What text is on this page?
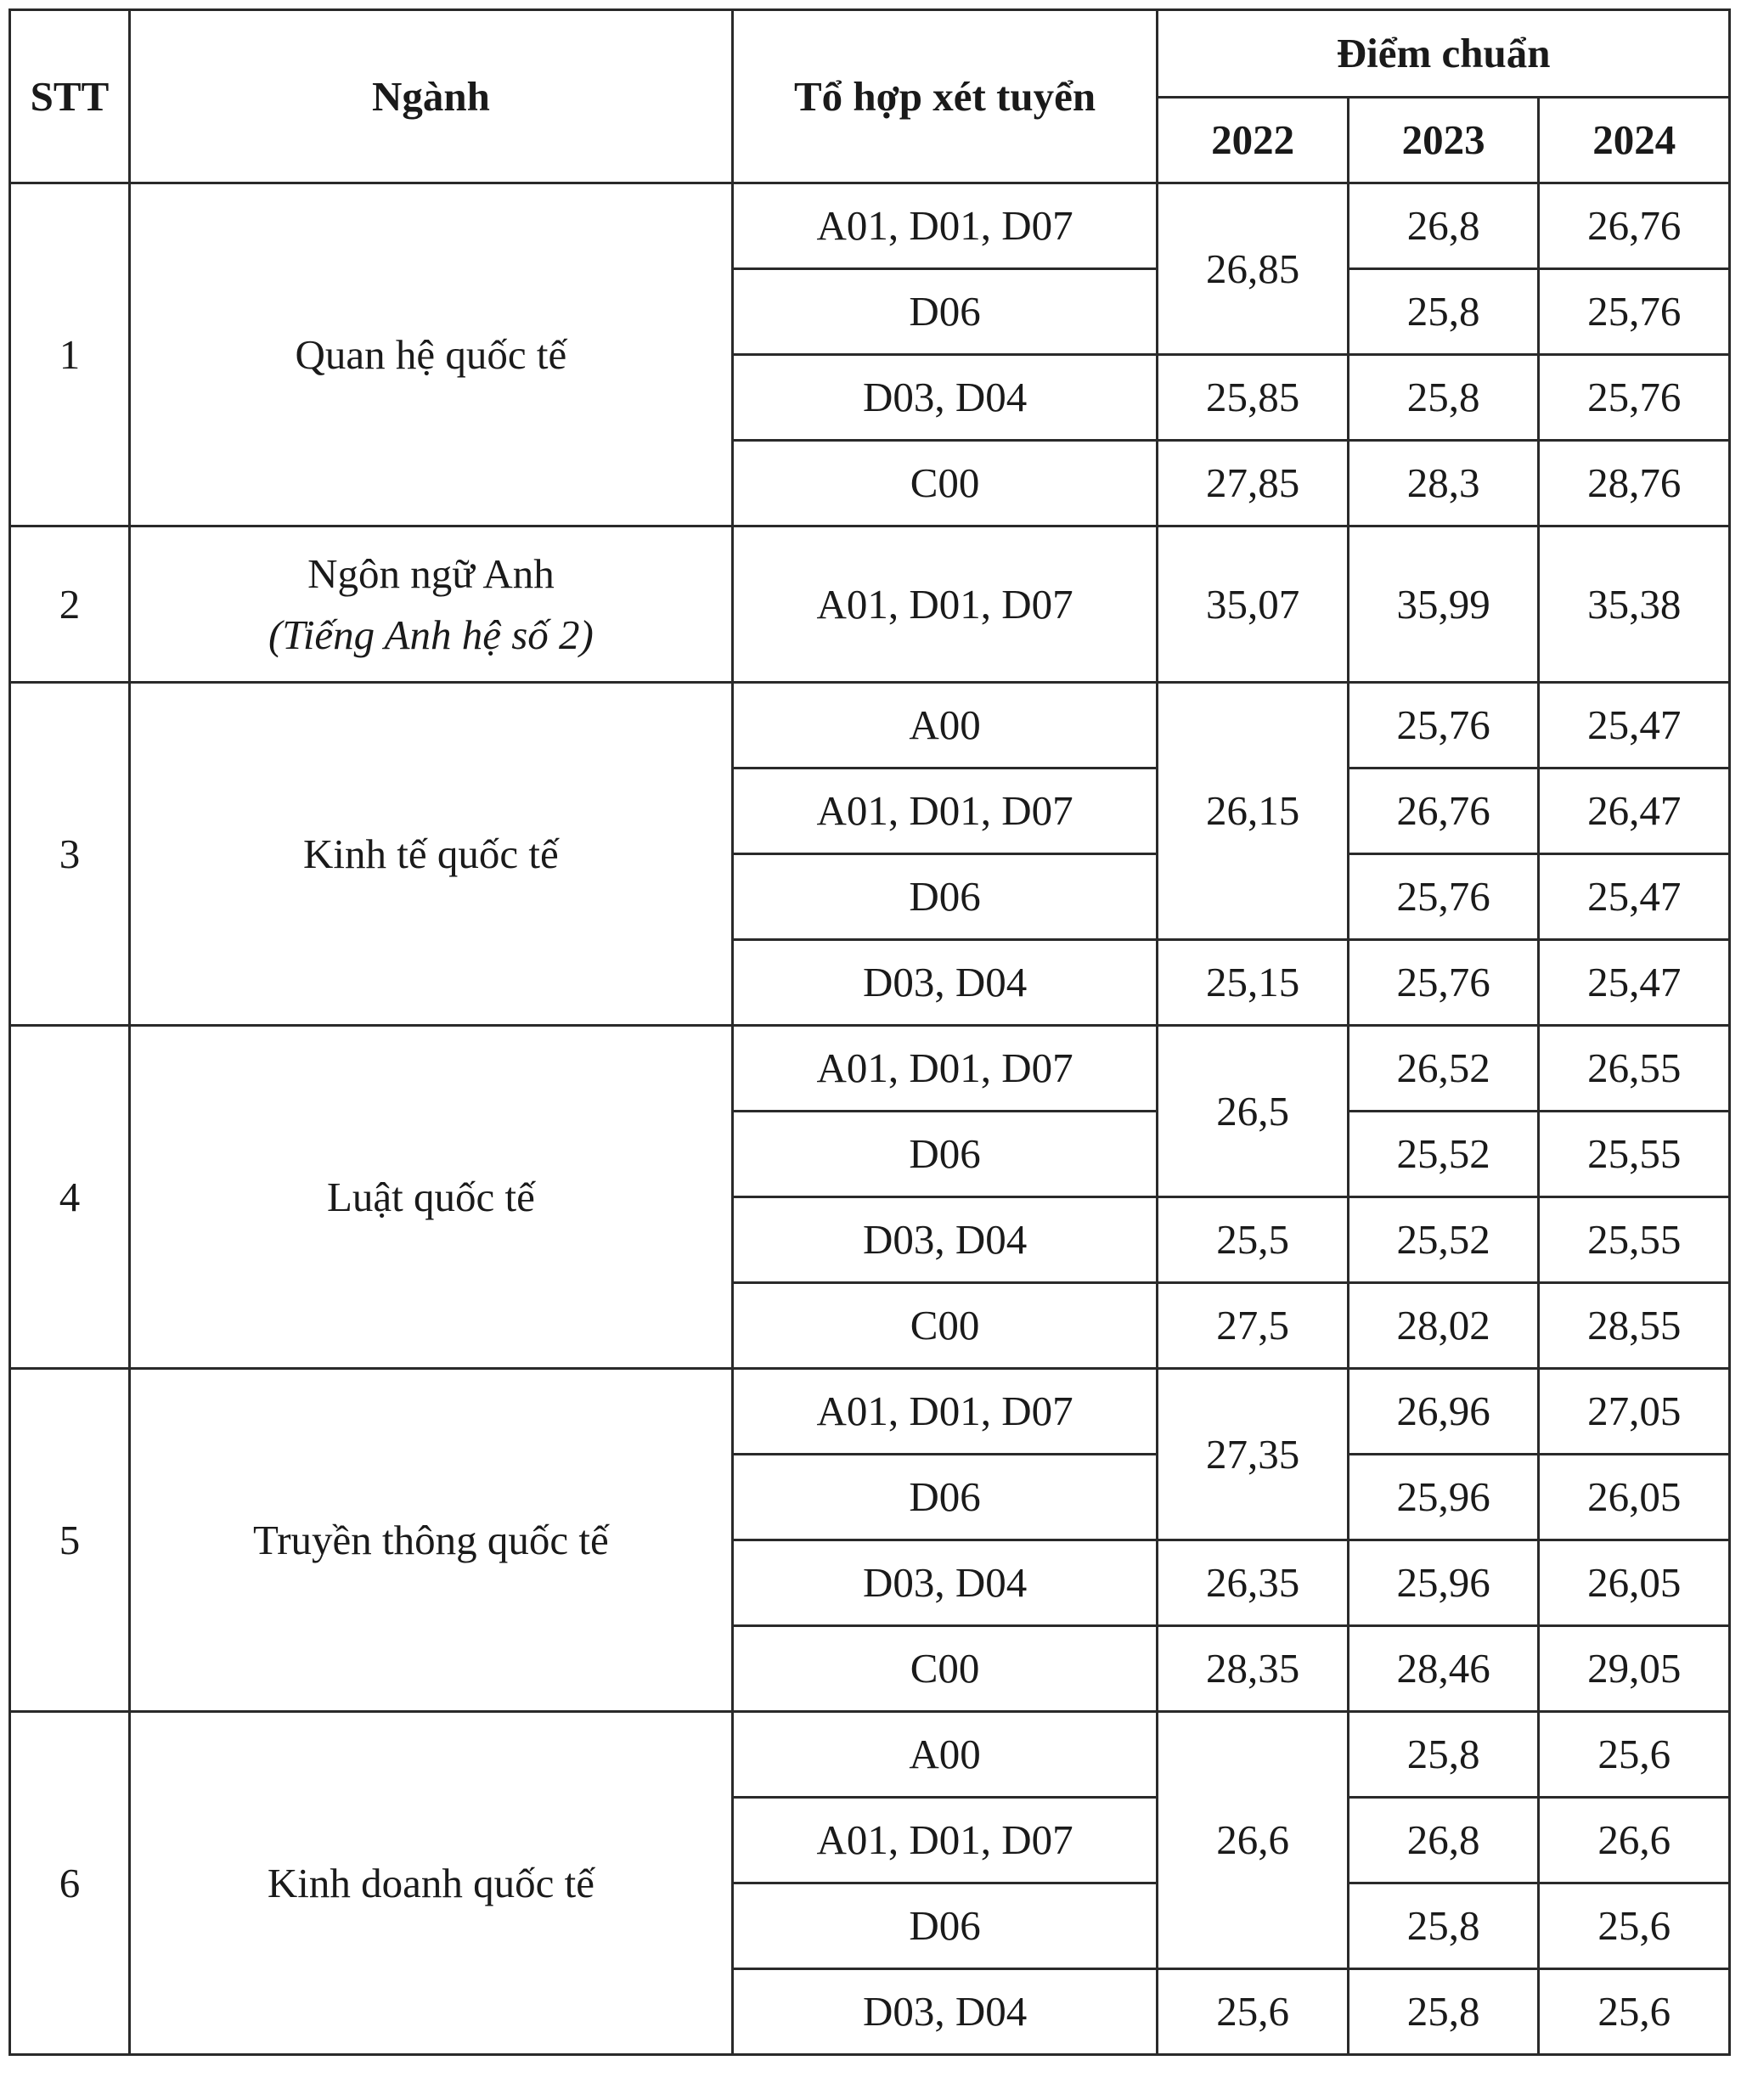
STT	Ngành	Tổ hợp xét tuyển	Điểm chuẩn		
			2022	2023	2024
1	Quan hệ quốc tế	A01, D01, D07	26,85	26,8	26,76
		D06		25,8	25,76
		D03, D04	25,85	25,8	25,76
		C00	27,85	28,3	28,76
2	Ngôn ngữ Anh
(Tiếng Anh hệ số 2)	A01, D01, D07	35,07	35,99	35,38
3	Kinh tế quốc tế	A00	26,15	25,76	25,47
		A01, D01, D07		26,76	26,47
		D06		25,76	25,47
		D03, D04	25,15	25,76	25,47
4	Luật quốc tế	A01, D01, D07	26,5	26,52	26,55
		D06		25,52	25,55
		D03, D04	25,5	25,52	25,55
		C00	27,5	28,02	28,55
5	Truyền thông quốc tế	A01, D01, D07	27,35	26,96	27,05
		D06		25,96	26,05
		D03, D04	26,35	25,96	26,05
		C00	28,35	28,46	29,05
6	Kinh doanh quốc tế	A00	26,6	25,8	25,6
		A01, D01, D07		26,8	26,6
		D06		25,8	25,6
		D03, D04	25,6	25,8	25,6
